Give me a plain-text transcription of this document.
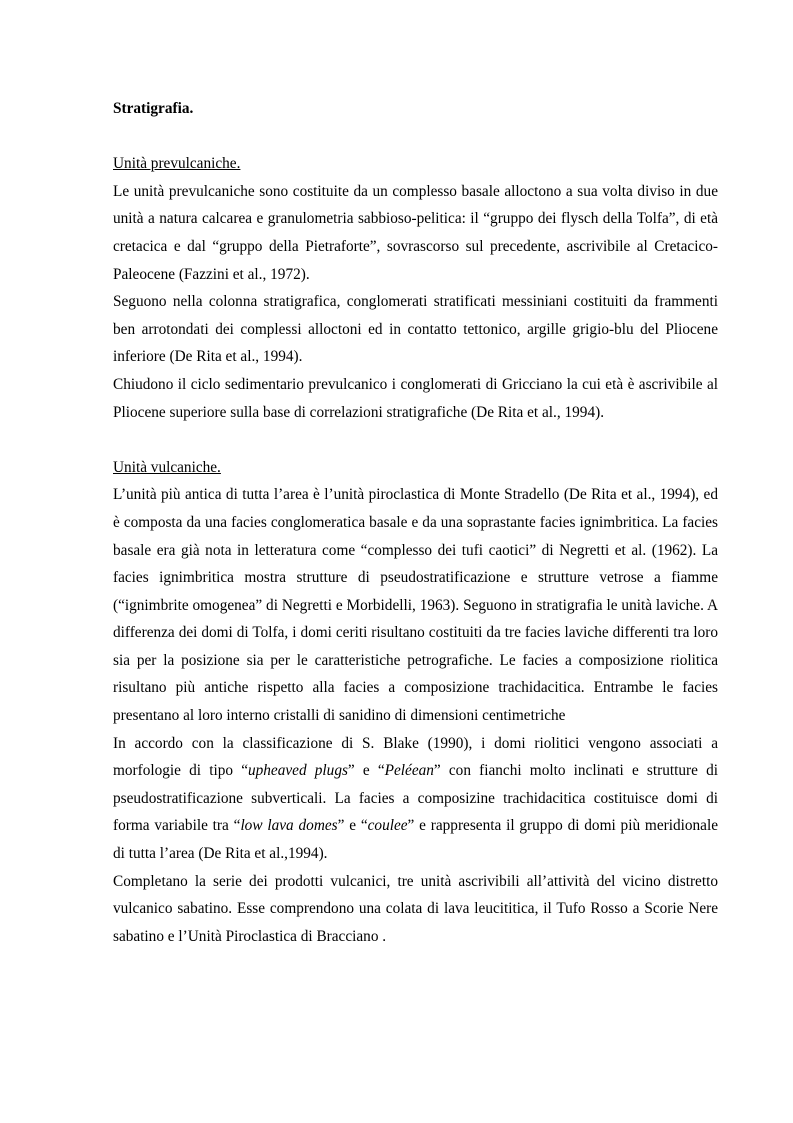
Stratigrafia.

Unità prevulcaniche.

Le unità prevulcaniche sono costituite da un complesso basale alloctono a sua volta diviso in due unità a natura calcarea e granulometria sabbioso-pelitica: il “gruppo dei flysch della Tolfa”, di età cretacica e dal “gruppo della Pietraforte”, sovrascorso sul precedente, ascrivibile al Cretacico-Paleocene (Fazzini et al., 1972).

Seguono nella colonna stratigrafica, conglomerati stratificati messiniani costituiti da frammenti ben arrotondati dei complessi alloctoni ed in contatto tettonico, argille grigio-blu del Pliocene inferiore (De Rita et al., 1994).

Chiudono il ciclo sedimentario prevulcanico i conglomerati di Gricciano la cui età è ascrivibile al Pliocene superiore sulla base di correlazioni stratigrafiche (De Rita et al., 1994).

Unità vulcaniche.

L’unità più antica di tutta l’area è l’unità piroclastica di Monte Stradello (De Rita et al., 1994), ed è composta da una facies conglomeratica basale e da una soprastante facies ignimbritica. La facies basale era già nota in letteratura come “complesso dei tufi caotici” di Negretti et al. (1962). La facies ignimbritica mostra strutture di pseudostratificazione e strutture vetrose a fiamme (“ignimbrite omogenea” di Negretti e Morbidelli, 1963). Seguono in stratigrafia le unità laviche. A differenza dei domi di Tolfa, i domi ceriti risultano costituiti da tre facies laviche differenti tra loro sia per la posizione sia per le caratteristiche petrografiche. Le facies a composizione riolitica risultano più antiche rispetto alla facies a composizione trachidacitica. Entrambe le facies presentano al loro interno cristalli di sanidino di dimensioni centimetriche

In accordo con la classificazione di S. Blake (1990), i domi riolitici vengono associati a morfologie di tipo “upheaved plugs” e “Peléean” con fianchi molto inclinati e strutture di pseudostratificazione subverticali. La facies a composizine trachidacitica costituisce domi di forma variabile tra “low lava domes” e “coulee” e rappresenta il gruppo di domi più meridionale di tutta l’area (De Rita et al.,1994).

Completano la serie dei prodotti vulcanici, tre unità ascrivibili all’attività del vicino distretto vulcanico sabatino. Esse comprendono una colata di lava leucititica, il Tufo Rosso a Scorie Nere sabatino e l’Unità Piroclastica di Bracciano .
